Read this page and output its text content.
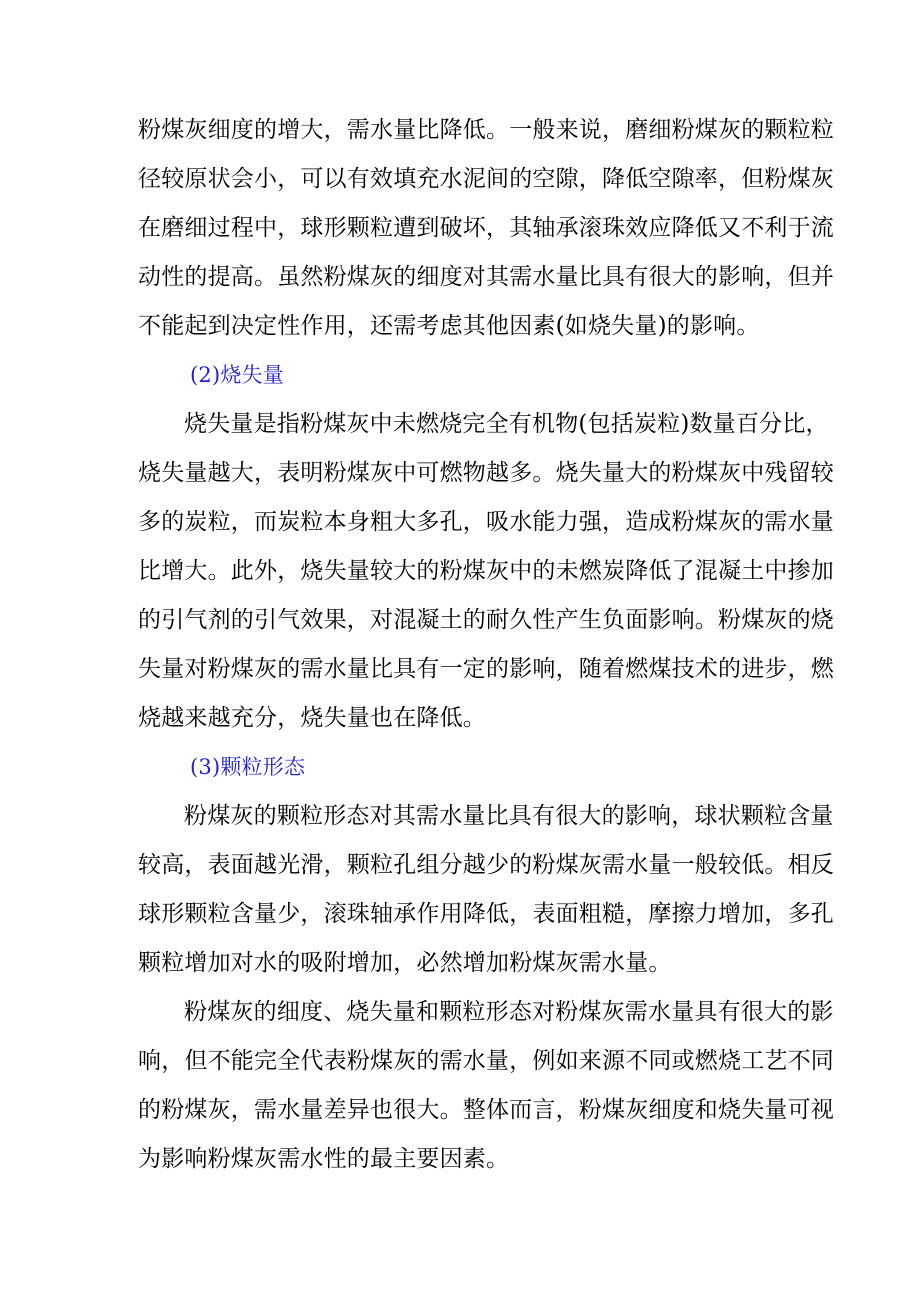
粉煤灰细度的增大，需水量比降低。一般来说，磨细粉煤灰的颗粒粒
径较原状会小，可以有效填充水泥间的空隙，降低空隙率，但粉煤灰
在磨细过程中，球形颗粒遭到破坏，其轴承滚珠效应降低又不利于流
动性的提高。虽然粉煤灰的细度对其需水量比具有很大的影响，但并
不能起到决定性作用，还需考虑其他因素(如烧失量)的影响。
(2)烧失量
烧失量是指粉煤灰中未燃烧完全有机物(包括炭粒)数量百分比，
烧失量越大，表明粉煤灰中可燃物越多。烧失量大的粉煤灰中残留较
多的炭粒，而炭粒本身粗大多孔，吸水能力强，造成粉煤灰的需水量
比增大。此外，烧失量较大的粉煤灰中的未燃炭降低了混凝土中掺加
的引气剂的引气效果，对混凝土的耐久性产生负面影响。粉煤灰的烧
失量对粉煤灰的需水量比具有一定的影响，随着燃煤技术的进步，燃
烧越来越充分，烧失量也在降低。
(3)颗粒形态
粉煤灰的颗粒形态对其需水量比具有很大的影响，球状颗粒含量
较高，表面越光滑，颗粒孔组分越少的粉煤灰需水量一般较低。相反
球形颗粒含量少，滚珠轴承作用降低，表面粗糙，摩擦力增加，多孔
颗粒增加对水的吸附增加，必然增加粉煤灰需水量。
粉煤灰的细度、烧失量和颗粒形态对粉煤灰需水量具有很大的影
响，但不能完全代表粉煤灰的需水量，例如来源不同或燃烧工艺不同
的粉煤灰，需水量差异也很大。整体而言，粉煤灰细度和烧失量可视
为影响粉煤灰需水性的最主要因素。
